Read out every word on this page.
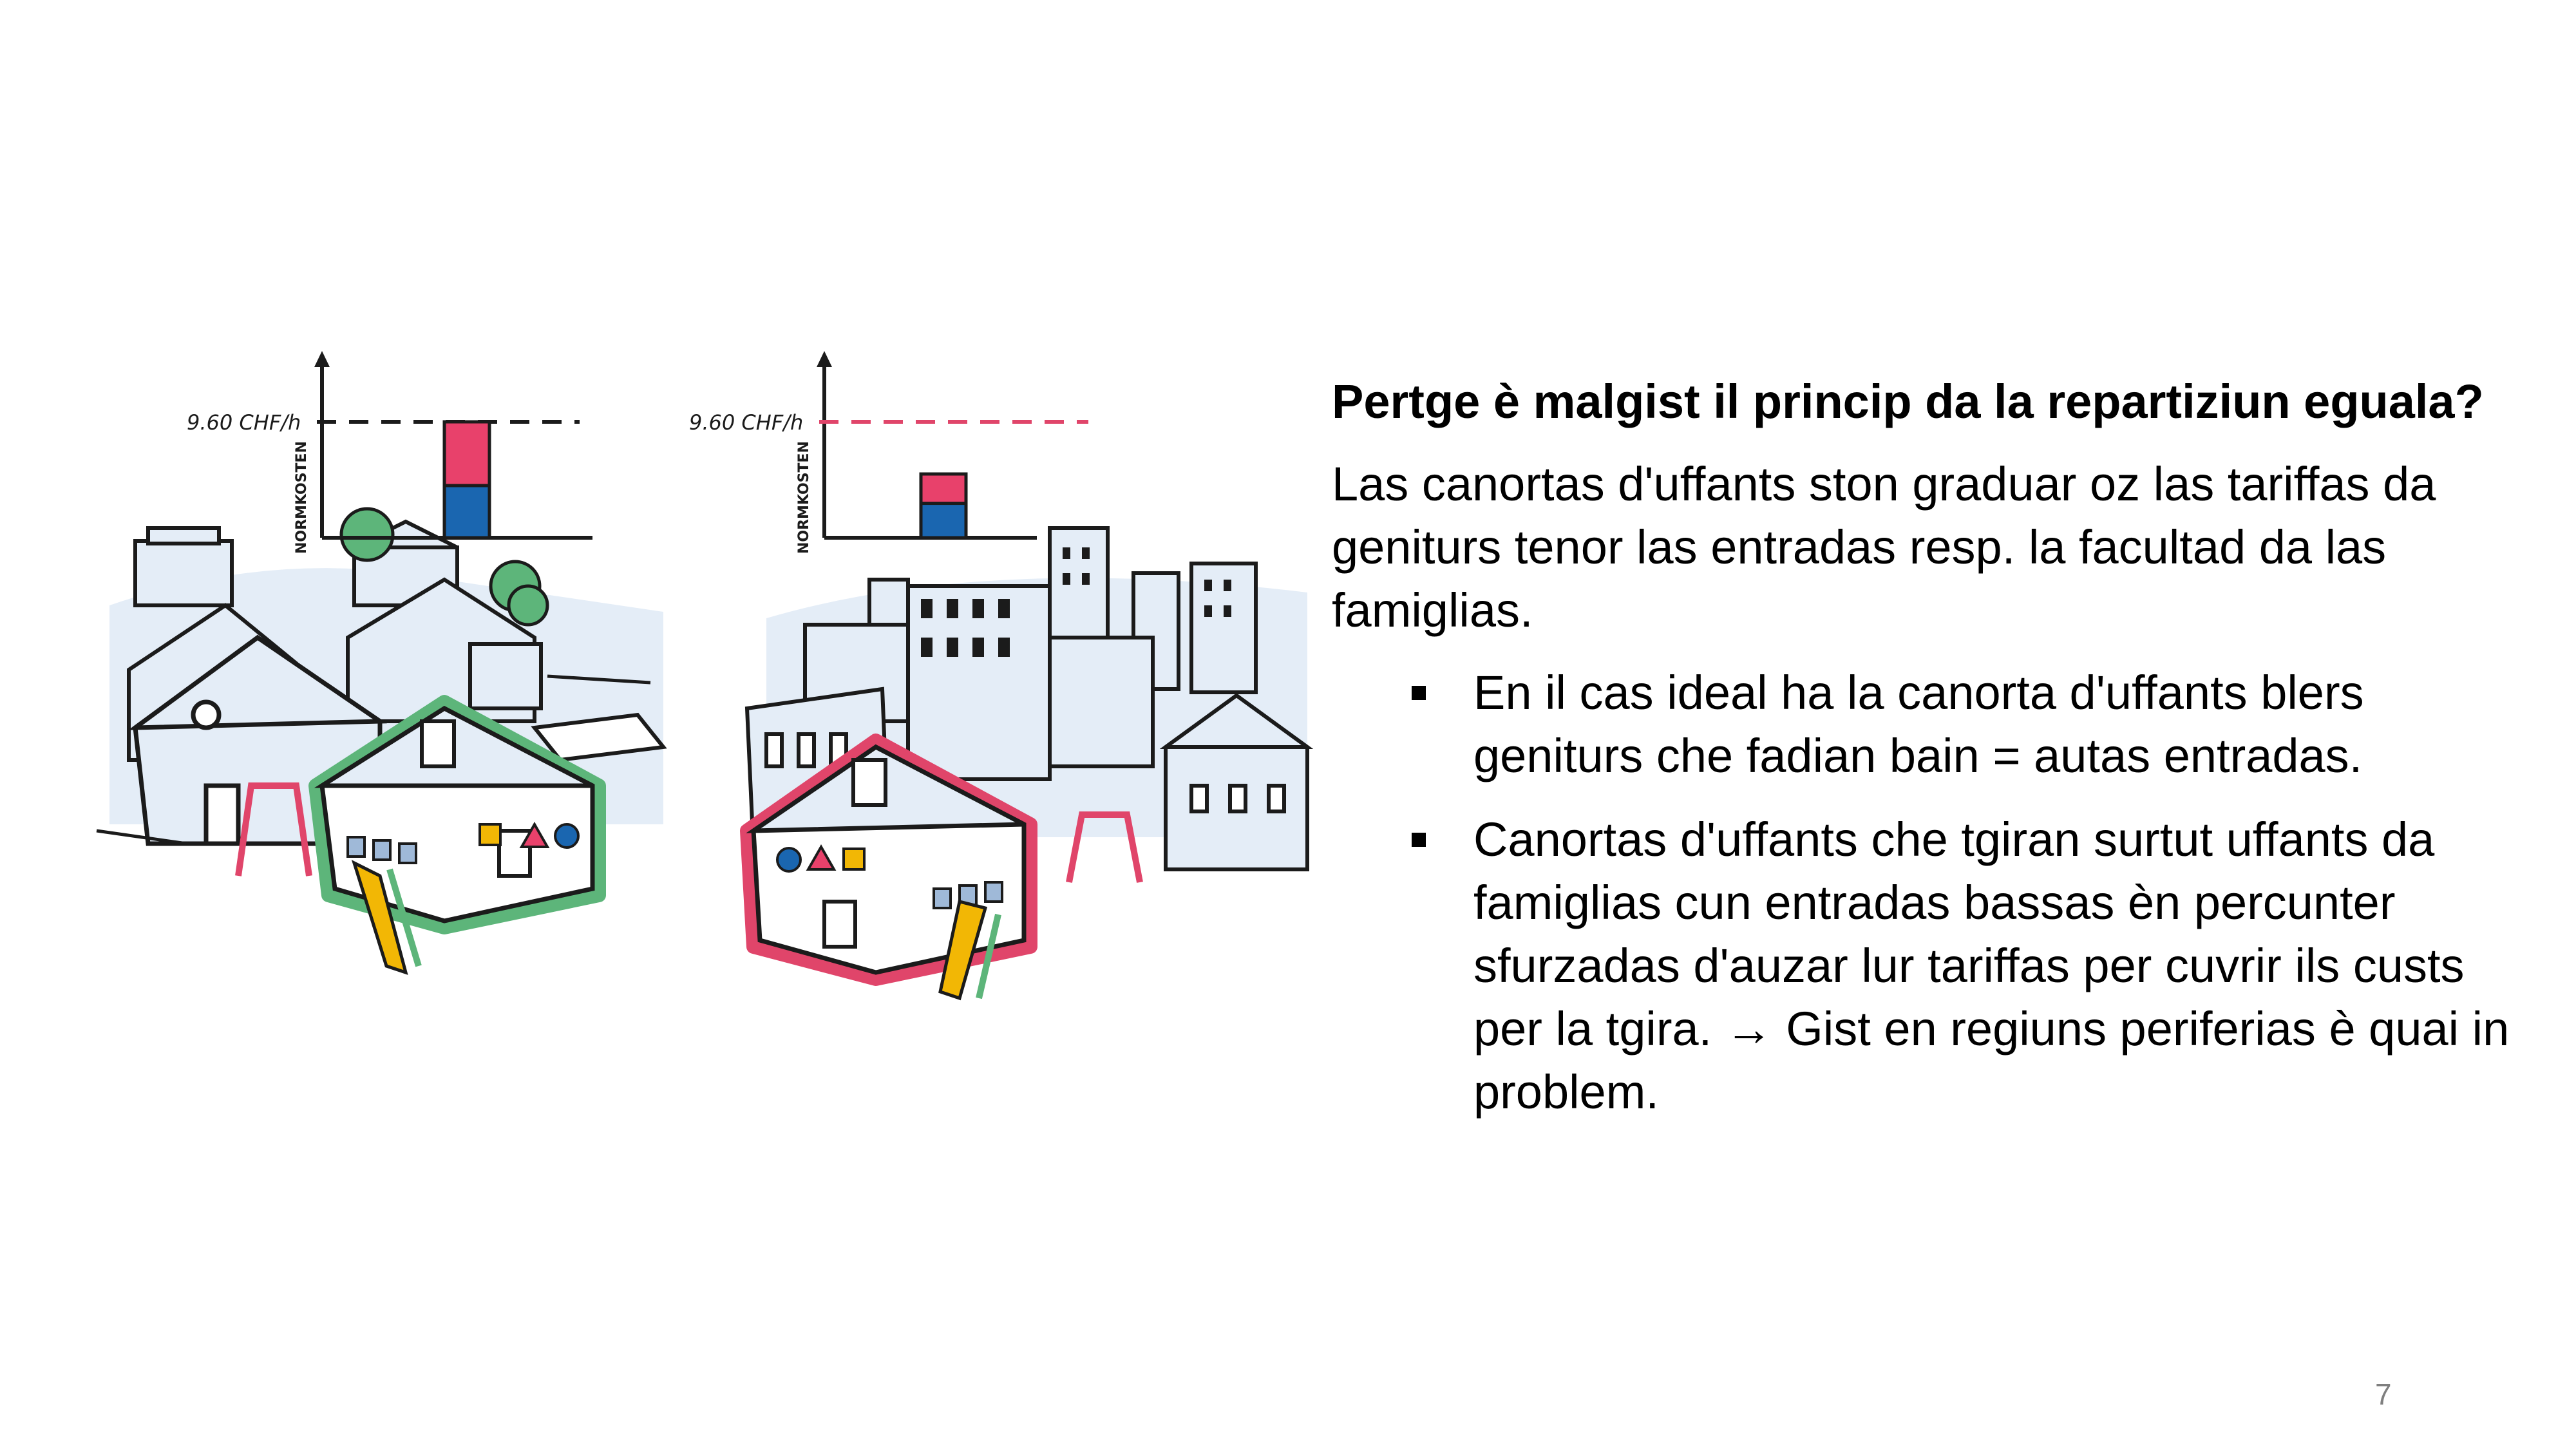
9.60 CHF/h
NORMKOSTEN
9.60 CHF/h
NORMKOSTEN
Pertge è malgist il princip da la repartiziun eguala?
Las canortas d'uffants ston graduar oz las tariffas da geniturs tenor las entradas resp. la facultad da las famiglias.
En il cas ideal ha la canorta d'uffants blers geniturs che fadian bain = autas entradas.
Canortas d'uffants che tgiran surtut uffants da famiglias cun entradas bassas èn percunter sfurzadas d'auzar lur tariffas per cuvrir ils custs per la tgira. → Gist en regiuns periferias è quai in problem.
7
